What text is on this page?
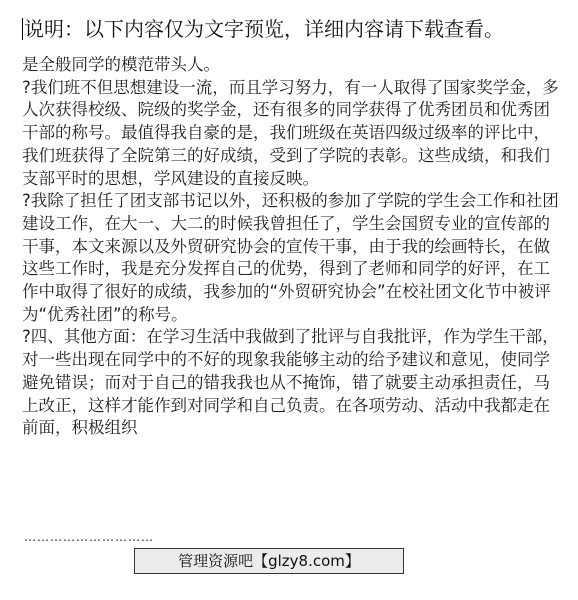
说明：以下内容仅为文字预览，详细内容请下载查看。

是全般同学的模范带头人。

?我们班不但思想建设一流，而且学习努力，有一人取得了国家奖学金，多人次获得校级、院级的奖学金，还有很多的同学获得了优秀团员和优秀团干部的称号。最值得我自豪的是，我们班级在英语四级过级率的评比中，我们班获得了全院第三的好成绩，受到了学院的表彰。这些成绩，和我们支部平时的思想，学风建设的直接反映。

?我除了担任了团支部书记以外，还积极的参加了学院的学生会工作和社团建设工作，在大一、大二的时候我曾担任了，学生会国贸专业的宣传部的干事，本文来源以及外贸研究协会的宣传干事，由于我的绘画特长，在做这些工作时，我是充分发挥自己的优势，得到了老师和同学的好评，在工作中取得了很好的成绩，我参加的“外贸研究协会”在校社团文化节中被评为“优秀社团”的称号。

?四、其他方面：在学习生活中我做到了批评与自我批评，作为学生干部，对一些出现在同学中的不好的现象我能够主动的给予建议和意见，使同学避免错误；而对于自己的错我我也从不掩饰，错了就要主动承担责任，马上改正，这样才能作到对同学和自己负责。在各项劳动、活动中我都走在前面，积极组织

…………………………
管理资源吧【glzy8.com】
